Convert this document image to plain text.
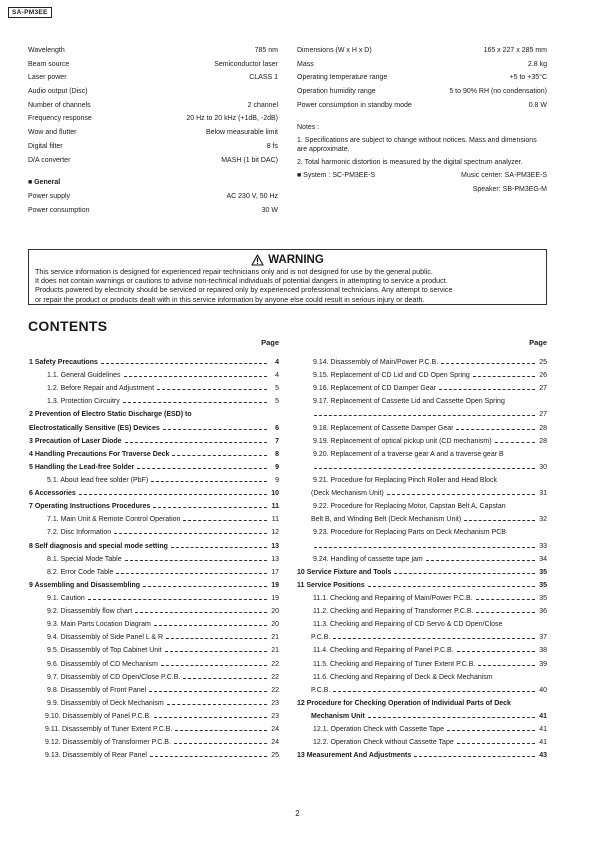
SA-PM3EE
Wavelength	785 nm
Beam source	Semiconductor laser
Laser power	CLASS 1
Audio output (Disc)
Number of channels	2 channel
Frequency response	20 Hz to 20 kHz (+1dB, -2dB)
Wow and flutter	Below measurable limit
Digital filter	8 fs
D/A converter	MASH (1 bit DAC)
■ General
Power supply	AC 230 V, 50 Hz
Power consumption	30 W
Dimensions (W x H x D)	165 x 227 x 285 mm
Mass	2.8 kg
Operating temperature range	+5 to +35°C
Operation humidity range	5 to 90% RH (no condensation)
Power consumption in standby mode	0.8 W
Notes :
1. Specifications are subject to change without notices. Mass and dimensions are approximate.
2. Total harmonic distortion is measured by the digital spectrum analyzer.
■ System : SC-PM3EE-S	Music center: SA-PM3EE-S
Speaker: SB-PM3EG-M
WARNING
This service information is designed for experienced repair technicians only and is not designed for use by the general public.
It does not contain warnings or cautions to advise non-technical individuals of potential dangers in attempting to service a product.
Products powered by electricity should be serviced or repaired only by experienced professional technicians. Any attempt to service
or repair the product or products dealt with in this service information by anyone else could result in serious injury or death.
CONTENTS
Page
1 Safety Precautions	4
1.1. General Guidelines	4
1.2. Before Repair and Adjustment	5
1.3. Protection Circuitry	5
2 Prevention of Electro Static Discharge (ESD) to
Electrostatically Sensitive (ES) Devices	6
3 Precaution of Laser Diode	7
4 Handling Precautions For Traverse Deck	8
5 Handling the Lead-free Solder	9
5.1. About lead free solder (PbF)	9
6 Accessories	10
7 Operating Instructions Procedures	11
7.1. Main Unit & Remote Control Operation	11
7.2. Disc Information	12
8 Self diagnosis and special mode setting	13
8.1. Special Mode Table	13
8.2. Error Code Table	17
9 Assembling and Disassembling	19
9.1. Caution	19
9.2. Disassembly flow chart	20
9.3. Main Parts Location Diagram	20
9.4. Disassembly of Side Panel L & R	21
9.5. Disassembly of Top Cabinet Unit	21
9.6. Disassembly of CD Mechanism	22
9.7. Disassembly of CD Open/Close P.C.B.	22
9.8. Disassembly of Front Panel	22
9.9. Disassembly of Deck Mechanism	23
9.10. Disassembly of Panel P.C.B.	23
9.11. Disassembly of Tuner Extent P.C.B.	24
9.12. Disassembly of Transformer P.C.B.	24
9.13. Disassembly of Rear Panel	25
Page
9.14. Disassembly of Main/Power P.C.B.	25
9.15. Replacement of CD Lid and CD Open Spring	26
9.16. Replacement of CD Damper Gear	27
9.17. Replacement of Cassette Lid and Cassette Open Spring
27
9.18. Replacement of Cassette Damper Gear	28
9.19. Replacement of optical pickup unit (CD mechanism)	28
9.20. Replacement of a traverse gear A and a traverse gear B
30
9.21. Procedure for Replacing Pinch Roller and Head Block
(Deck Mechanism Unit)	31
9.22. Procedure for Replacing Motor, Capstan Belt A, Capstan
Belt B, and Winding Belt (Deck Mechanism Unit)	32
9.23. Procedure for Replacing Parts on Deck Mechanism PCB
33
9.24. Handling of cassette tape jam	34
10 Service Fixture and Tools	35
11 Service Positions	35
11.1. Checking and Repairing of Main/Power P.C.B.	35
11.2. Checking and Repairing of Transformer P.C.B.	36
11.3. Checking and Repairing of CD Servo & CD Open/Close
P.C.B.	37
11.4. Checking and Repairing of Panel P.C.B.	38
11.5. Checking and Repairing of Tuner Extent P.C.B.	39
11.6. Checking and Repairing of Deck & Deck Mechanism
P.C.B.	40
12 Procedure for Checking Operation of Individual Parts of Deck
Mechanism Unit	41
12.1. Operation Check with Cassette Tape	41
12.2. Operation Check without Cassette Tape	41
13 Measurement And Adjustments	43
2
